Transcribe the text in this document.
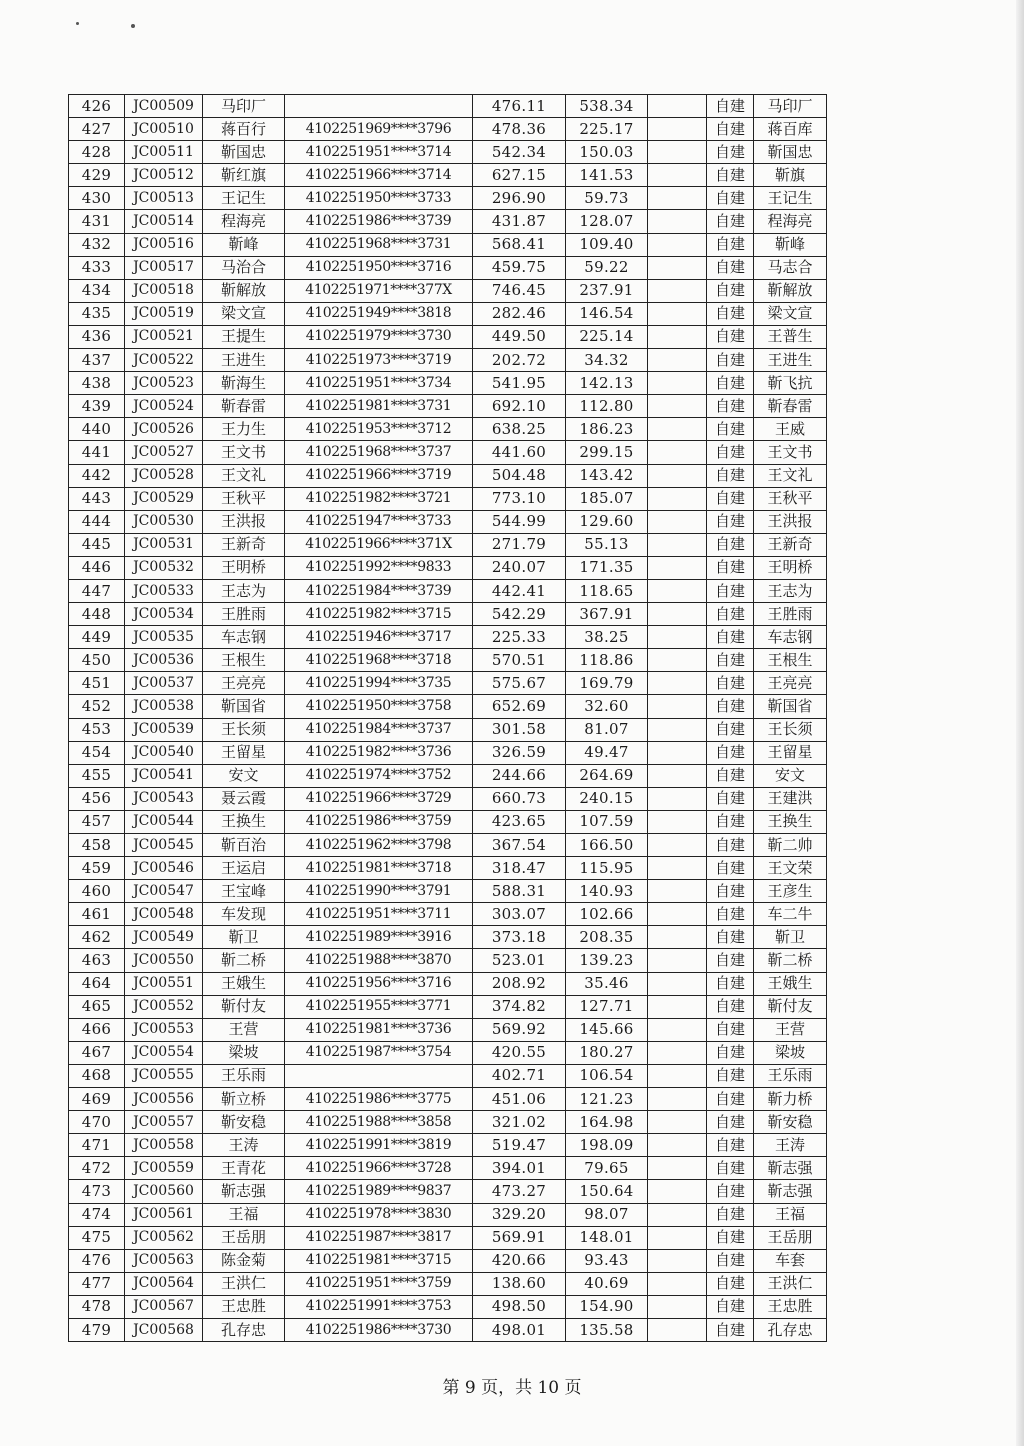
426	JC00509	马印厂		476.11	538.34		自建	马印厂
427	JC00510	蒋百行	4102251969****3796	478.36	225.17		自建	蒋百库
428	JC00511	靳国忠	4102251951****3714	542.34	150.03		自建	靳国忠
429	JC00512	靳红旗	4102251966****3714	627.15	141.53		自建	靳旗
430	JC00513	王记生	4102251950****3733	296.90	59.73		自建	王记生
431	JC00514	程海亮	4102251986****3739	431.87	128.07		自建	程海亮
432	JC00516	靳峰	4102251968****3731	568.41	109.40		自建	靳峰
433	JC00517	马治合	4102251950****3716	459.75	59.22		自建	马志合
434	JC00518	靳解放	4102251971****377X	746.45	237.91		自建	靳解放
435	JC00519	梁文宣	4102251949****3818	282.46	146.54		自建	梁文宣
436	JC00521	王提生	4102251979****3730	449.50	225.14		自建	王普生
437	JC00522	王进生	4102251973****3719	202.72	34.32		自建	王进生
438	JC00523	靳海生	4102251951****3734	541.95	142.13		自建	靳飞抗
439	JC00524	靳春雷	4102251981****3731	692.10	112.80		自建	靳春雷
440	JC00526	王力生	4102251953****3712	638.25	186.23		自建	王威
441	JC00527	王文书	4102251968****3737	441.60	299.15		自建	王文书
442	JC00528	王文礼	4102251966****3719	504.48	143.42		自建	王文礼
443	JC00529	王秋平	4102251982****3721	773.10	185.07		自建	王秋平
444	JC00530	王洪报	4102251947****3733	544.99	129.60		自建	王洪报
445	JC00531	王新奇	4102251966****371X	271.79	55.13		自建	王新奇
446	JC00532	王明桥	4102251992****9833	240.07	171.35		自建	王明桥
447	JC00533	王志为	4102251984****3739	442.41	118.65		自建	王志为
448	JC00534	王胜雨	4102251982****3715	542.29	367.91		自建	王胜雨
449	JC00535	车志钢	4102251946****3717	225.33	38.25		自建	车志钢
450	JC00536	王根生	4102251968****3718	570.51	118.86		自建	王根生
451	JC00537	王亮亮	4102251994****3735	575.67	169.79		自建	王亮亮
452	JC00538	靳国省	4102251950****3758	652.69	32.60		自建	靳国省
453	JC00539	王长须	4102251984****3737	301.58	81.07		自建	王长须
454	JC00540	王留星	4102251982****3736	326.59	49.47		自建	王留星
455	JC00541	安文	4102251974****3752	244.66	264.69		自建	安文
456	JC00543	聂云霞	4102251966****3729	660.73	240.15		自建	王建洪
457	JC00544	王换生	4102251986****3759	423.65	107.59		自建	王换生
458	JC00545	靳百治	4102251962****3798	367.54	166.50		自建	靳二帅
459	JC00546	王运启	4102251981****3718	318.47	115.95		自建	王文荣
460	JC00547	王宝峰	4102251990****3791	588.31	140.93		自建	王彦生
461	JC00548	车发现	4102251951****3711	303.07	102.66		自建	车二牛
462	JC00549	靳卫	4102251989****3916	373.18	208.35		自建	靳卫
463	JC00550	靳二桥	4102251988****3870	523.01	139.23		自建	靳二桥
464	JC00551	王娥生	4102251956****3716	208.92	35.46		自建	王娥生
465	JC00552	靳付友	4102251955****3771	374.82	127.71		自建	靳付友
466	JC00553	王营	4102251981****3736	569.92	145.66		自建	王营
467	JC00554	梁坡	4102251987****3754	420.55	180.27		自建	梁坡
468	JC00555	王乐雨		402.71	106.54		自建	王乐雨
469	JC00556	靳立桥	4102251986****3775	451.06	121.23		自建	靳力桥
470	JC00557	靳安稳	4102251988****3858	321.02	164.98		自建	靳安稳
471	JC00558	王涛	4102251991****3819	519.47	198.09		自建	王涛
472	JC00559	王青花	4102251966****3728	394.01	79.65		自建	靳志强
473	JC00560	靳志强	4102251989****9837	473.27	150.64		自建	靳志强
474	JC00561	王福	4102251978****3830	329.20	98.07		自建	王福
475	JC00562	王岳朋	4102251987****3817	569.91	148.01		自建	王岳朋
476	JC00563	陈金菊	4102251981****3715	420.66	93.43		自建	车套
477	JC00564	王洪仁	4102251951****3759	138.60	40.69		自建	王洪仁
478	JC00567	王忠胜	4102251991****3753	498.50	154.90		自建	王忠胜
479	JC00568	孔存忠	4102251986****3730	498.01	135.58		自建	孔存忠
第 9 页，共 10 页
